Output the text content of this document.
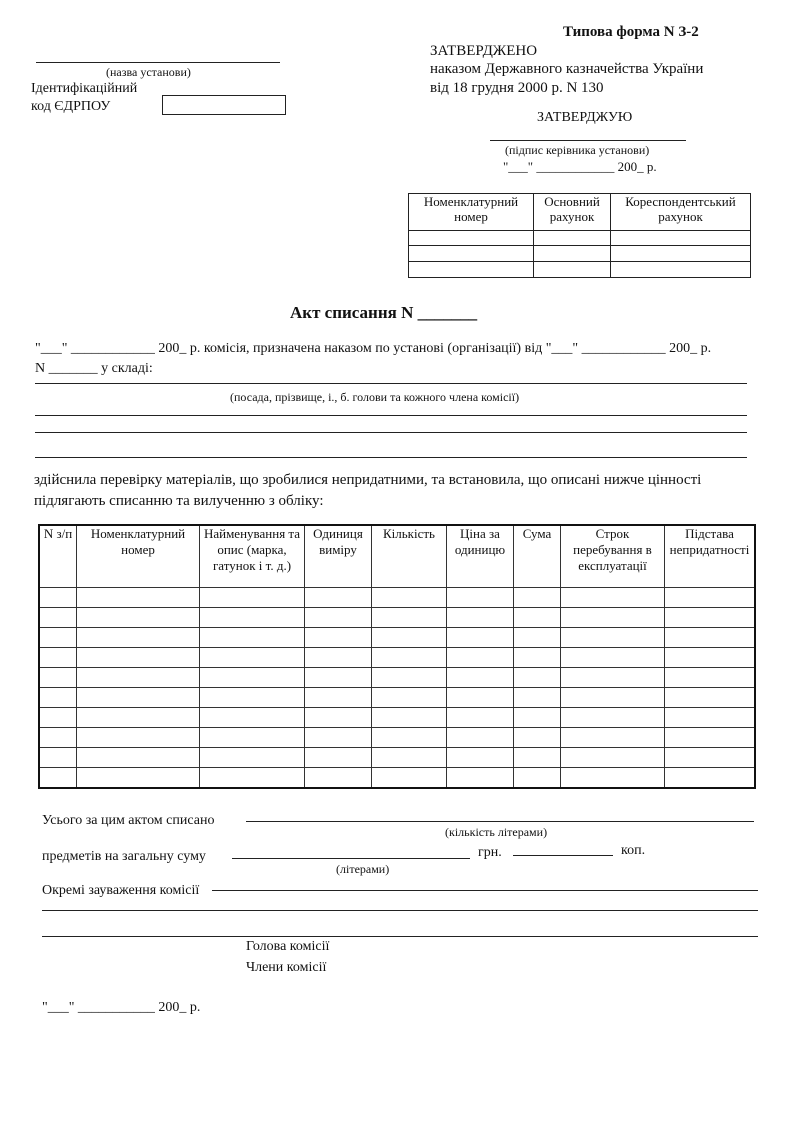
Типова форма N З-2
(назва установи)
Ідентифікаційний
код ЄДРПОУ
ЗАТВЕРДЖЕНО
наказом Державного казначейства України
від 18 грудня 2000 р. N 130
ЗАТВЕРДЖУЮ
(підпис керівника установи)
"___" ____________ 200_ р.
Номенклатурний номер	Основний рахунок	Кореспондентський рахунок

Акт списання N _______
"___" ____________ 200_ р. комісія, призначена наказом по установі (організації) від "___" ____________ 200_ р.
N _______ у складі:
(посада, прізвище, і., б. голови та кожного члена комісії)
здійснила перевірку матеріалів, що зробилися непридатними, та встановила, що описані нижче цінності
підлягають списанню та вилученню з обліку:
N з/п	Номенклатурний номер	Найменування та опис (марка, гатунок і т. д.)	Одиниця виміру	Кількість	Ціна за одиницю	Сума	Строк перебування в експлуатації	Підстава непридатності

Усього за цим актом списано
(кількість літерами)
предметів на загальну суму	грн.	коп.
(літерами)
Окремі зауваження комісії
Голова комісії
Члени комісії
"___" ___________ 200_ р.
